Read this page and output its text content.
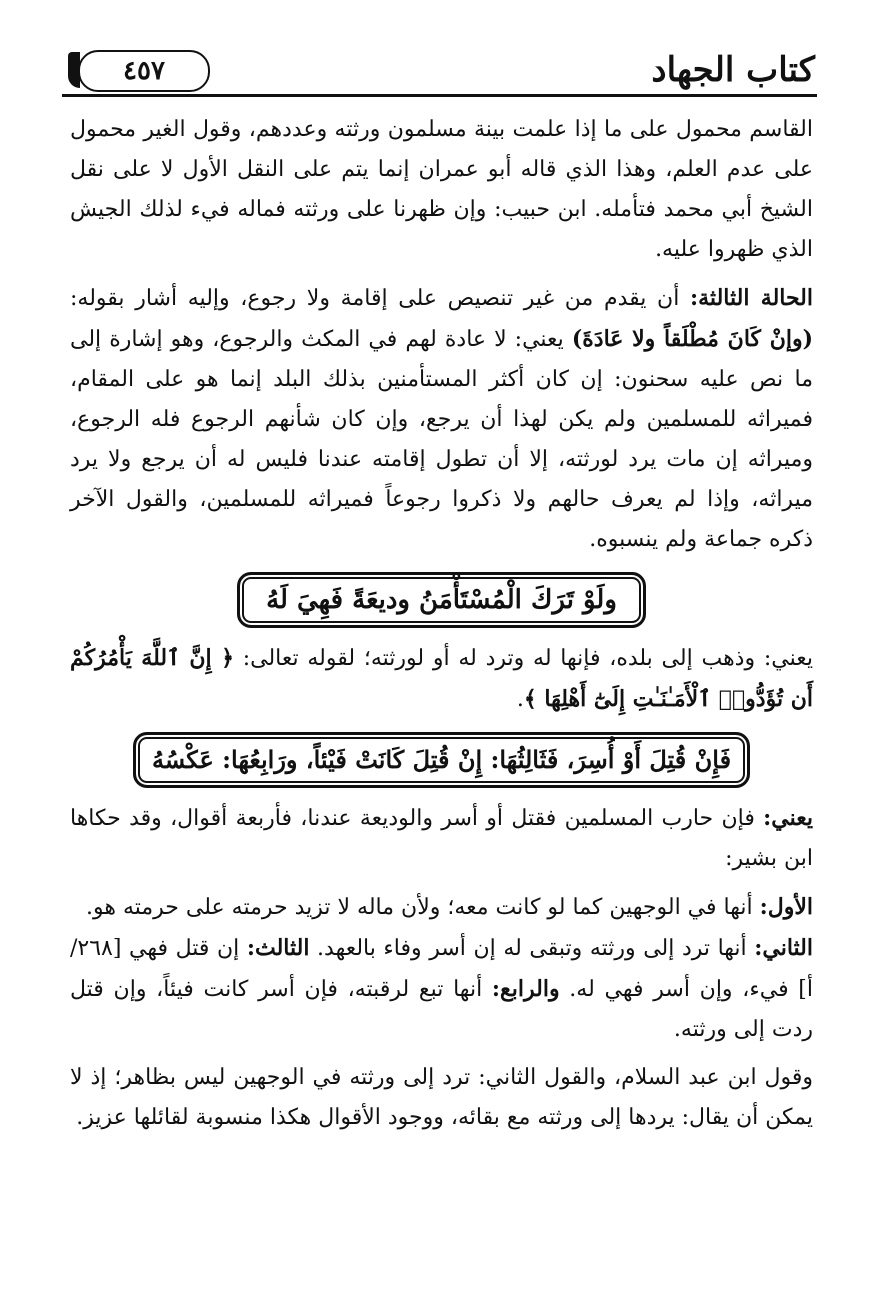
كتاب الجهاد
٤٥٧

القاسم محمول على ما إذا علمت بينة مسلمون ورثته وعددهم، وقول الغير محمول على عدم العلم، وهذا الذي قاله أبو عمران إنما يتم على النقل الأول لا على نقل الشيخ أبي محمد فتأمله. ابن حبيب: وإن ظهرنا على ورثته فماله فيء لذلك الجيش الذي ظهروا عليه.

الحالة الثالثة: أن يقدم من غير تنصيص على إقامة ولا رجوع، وإليه أشار بقوله: (وإنْ كَانَ مُطْلَقاً ولا عَادَةَ) يعني: لا عادة لهم في المكث والرجوع، وهو إشارة إلى ما نص عليه سحنون: إن كان أكثر المستأمنين بذلك البلد إنما هو على المقام، فميراثه للمسلمين ولم يكن لهذا أن يرجع، وإن كان شأنهم الرجوع فله الرجوع، وميراثه إن مات يرد لورثته، إلا أن تطول إقامته عندنا فليس له أن يرجع ولا يرد ميراثه، وإذا لم يعرف حالهم ولا ذكروا رجوعاً فميراثه للمسلمين، والقول الآخر ذكره جماعة ولم ينسبوه.

ولَوْ تَرَكَ الْمُسْتَأْمَنُ وديعَةً فَهِيَ لَهُ

يعني: وذهب إلى بلده، فإنها له وترد له أو لورثته؛ لقوله تعالى: ﴿ إِنَّ ٱللَّهَ يَأْمُرُكُمْ أَن تُؤَدُّوا۟ ٱلْأَمَـٰنَـٰتِ إِلَىٰٓ أَهْلِهَا ﴾.

فَإِنْ قُتِلَ أَوْ أُسِرَ، فَثَالِثُهَا: إِنْ قُتِلَ كَانَتْ فَيْئاً، ورَابِعُهَا: عَكْسُهُ

يعني: فإن حارب المسلمين فقتل أو أسر والوديعة عندنا، فأربعة أقوال، وقد حكاها ابن بشير:

الأول: أنها في الوجهين كما لو كانت معه؛ ولأن ماله لا تزيد حرمته على حرمته هو.

الثاني: أنها ترد إلى ورثته وتبقى له إن أسر وفاء بالعهد. الثالث: إن قتل فهي [٢٦٨/ أ] فيء، وإن أسر فهي له. والرابع: أنها تبع لرقبته، فإن أسر كانت فيئاً، وإن قتل ردت إلى ورثته.

وقول ابن عبد السلام، والقول الثاني: ترد إلى ورثته في الوجهين ليس بظاهر؛ إذ لا يمكن أن يقال: يردها إلى ورثته مع بقائه، ووجود الأقوال هكذا منسوبة لقائلها عزيز.
